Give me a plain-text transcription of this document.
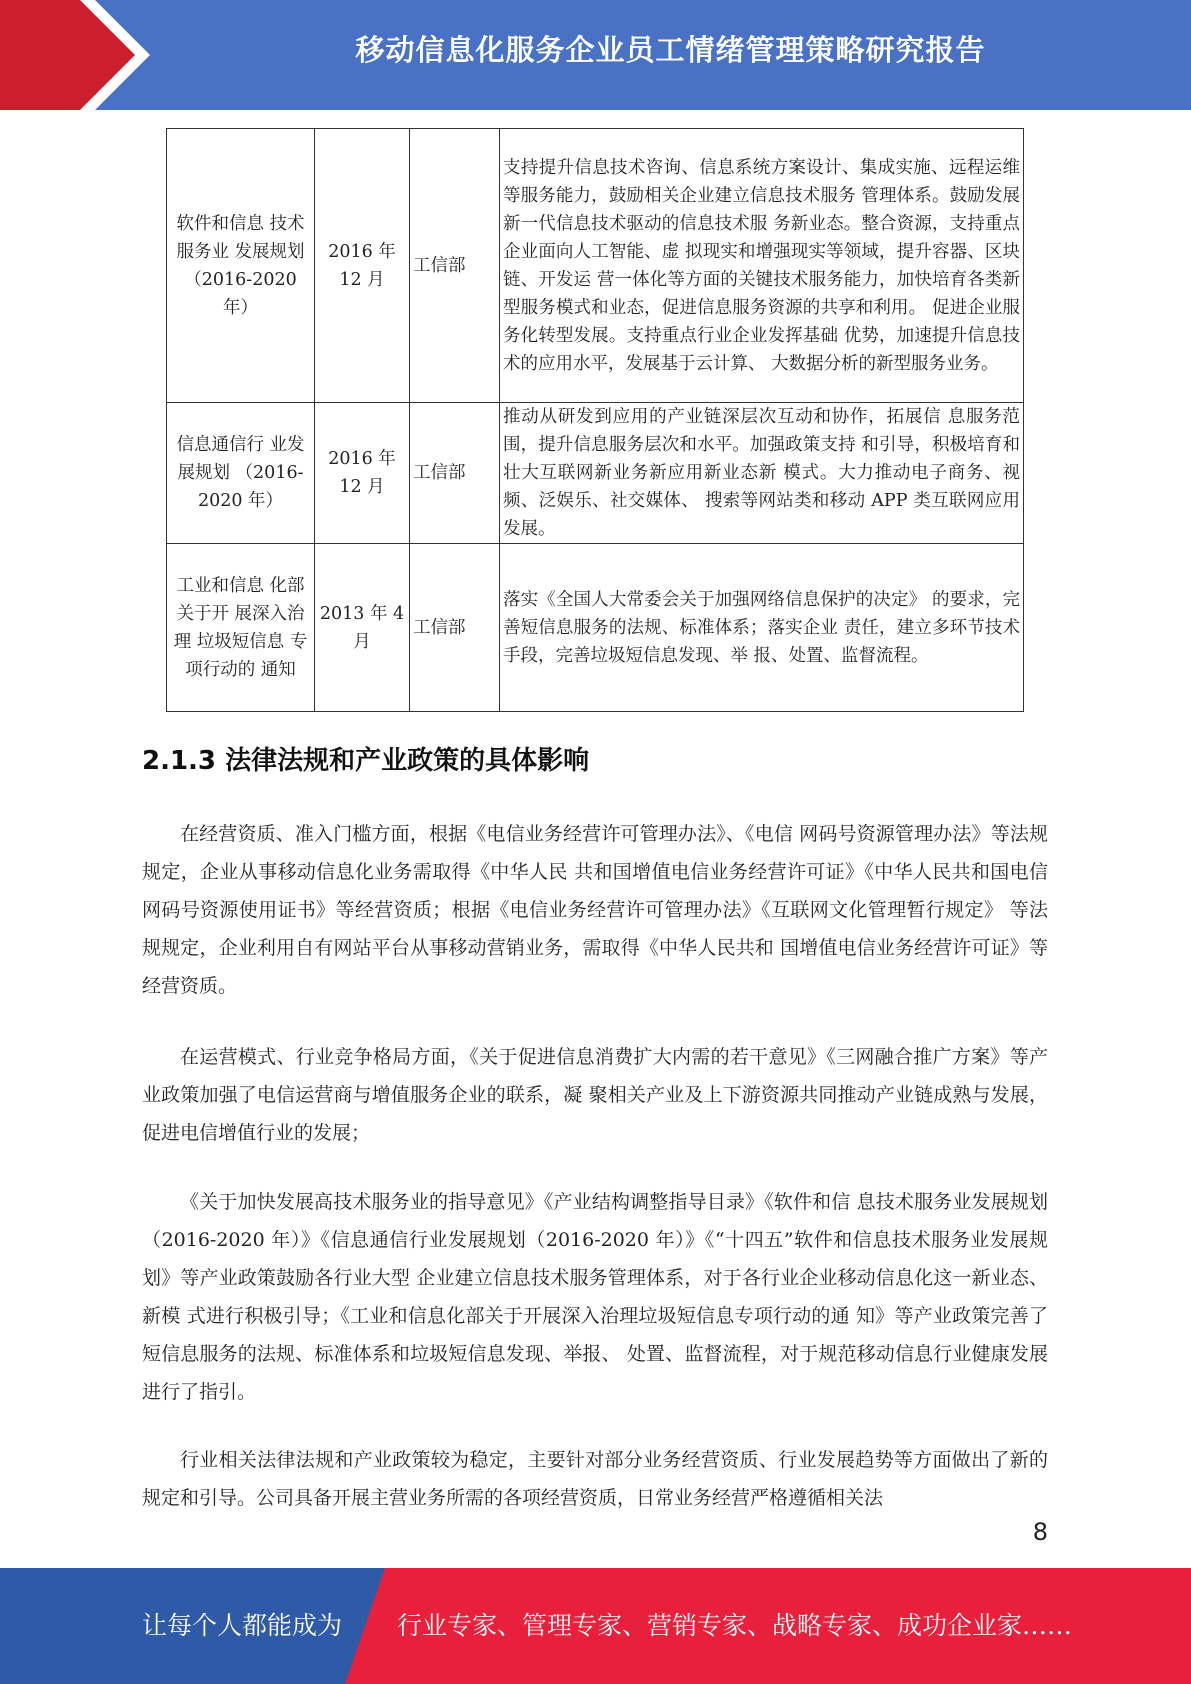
移动信息化服务企业员工情绪管理策略研究报告
软件和信息 技术服务业 发展规划 （2016-2020 年）	2016 年 12 月	工信部	支持提升信息技术咨询、信息系统方案设计、集成实施、远程运维等服务能力，鼓励相关企业建立信息技术服务 管理体系。鼓励发展新一代信息技术驱动的信息技术服 务新业态。整合资源，支持重点企业面向人工智能、虚 拟现实和增强现实等领域，提升容器、区块链、开发运 营一体化等方面的关键技术服务能力，加快培育各类新 型服务模式和业态，促进信息服务资源的共享和利用。 促进企业服务化转型发展。支持重点行业企业发挥基础 优势，加速提升信息技术的应用水平，发展基于云计算、 大数据分析的新型服务业务。
信息通信行 业发展规划 （2016-2020 年）	2016 年 12 月	工信部	推动从研发到应用的产业链深层次互动和协作，拓展信 息服务范围，提升信息服务层次和水平。加强政策支持 和引导，积极培育和壮大互联网新业务新应用新业态新 模式。大力推动电子商务、视频、泛娱乐、社交媒体、 搜索等网站类和移动 APP 类互联网应用发展。
工业和信息 化部关于开 展深入治理 垃圾短信息 专项行动的 通知	2013 年 4 月	工信部	落实《全国人大常委会关于加强网络信息保护的决定》 的要求，完善短信息服务的法规、标准体系；落实企业 责任，建立多环节技术手段，完善垃圾短信息发现、举 报、处置、监督流程。
2.1.3 法律法规和产业政策的具体影响

在经营资质、准入门槛方面，根据《电信业务经营许可管理办法》、《电信 网码号资源管理办法》等法规规定，企业从事移动信息化业务需取得《中华人民 共和国增值电信业务经营许可证》《中华人民共和国电信网码号资源使用证书》等经营资质；根据《电信业务经营许可管理办法》《互联网文化管理暂行规定》 等法规规定，企业利用自有网站平台从事移动营销业务，需取得《中华人民共和 国增值电信业务经营许可证》等经营资质。

在运营模式、行业竞争格局方面，《关于促进信息消费扩大内需的若干意见》《三网融合推广方案》等产业政策加强了电信运营商与增值服务企业的联系，凝 聚相关产业及上下游资源共同推动产业链成熟与发展，促进电信增值行业的发展；

《关于加快发展高技术服务业的指导意见》《产业结构调整指导目录》《软件和信 息技术服务业发展规划（2016-2020 年）》《信息通信行业发展规划（2016-2020 年）》《“十四五”软件和信息技术服务业发展规划》等产业政策鼓励各行业大型 企业建立信息技术服务管理体系，对于各行业企业移动信息化这一新业态、新模 式进行积极引导；《工业和信息化部关于开展深入治理垃圾短信息专项行动的通 知》等产业政策完善了短信息服务的法规、标准体系和垃圾短信息发现、举报、 处置、监督流程，对于规范移动信息行业健康发展进行了指引。

行业相关法律法规和产业政策较为稳定，主要针对部分业务经营资质、行业发展趋势等方面做出了新的规定和引导。公司具备开展主营业务所需的各项经营资质，日常业务经营严格遵循相关法

8
让每个人都能成为 行业专家、管理专家、营销专家、战略专家、成功企业家……
